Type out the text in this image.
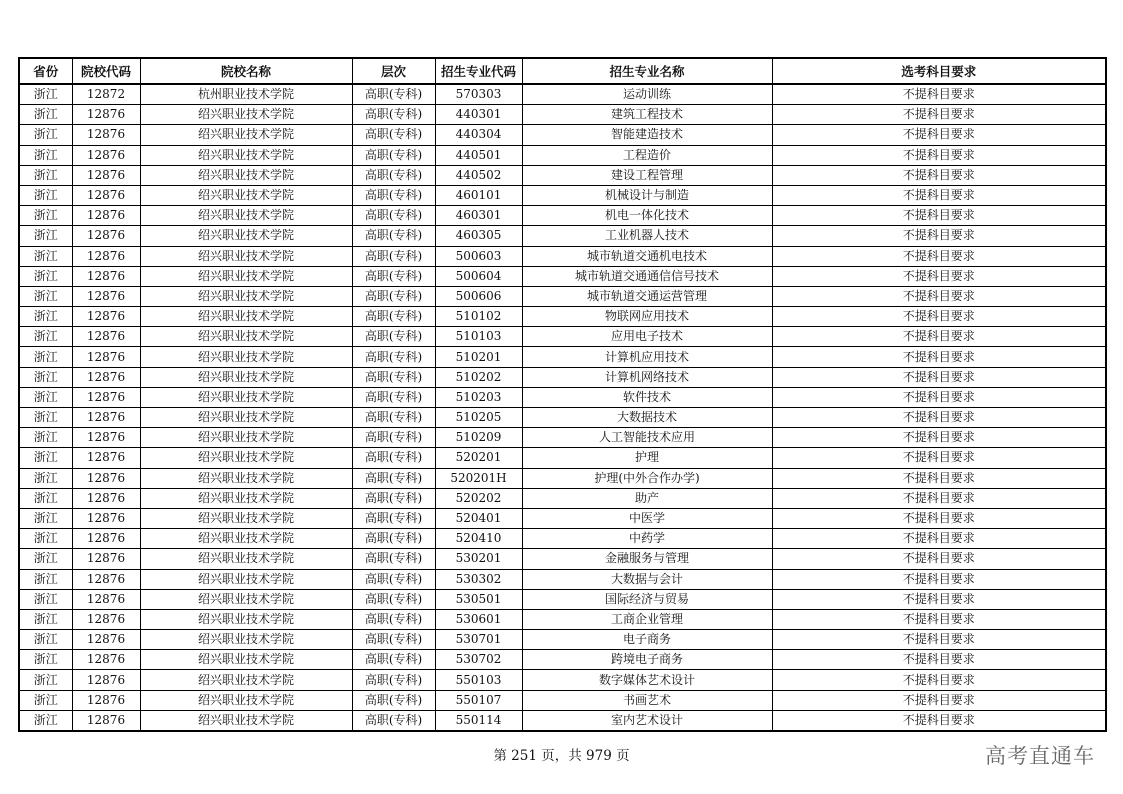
省份	院校代码	院校名称	层次	招生专业代码	招生专业名称	选考科目要求
浙江	12872	杭州职业技术学院	高职(专科)	570303	运动训练	不提科目要求
浙江	12876	绍兴职业技术学院	高职(专科)	440301	建筑工程技术	不提科目要求
浙江	12876	绍兴职业技术学院	高职(专科)	440304	智能建造技术	不提科目要求
浙江	12876	绍兴职业技术学院	高职(专科)	440501	工程造价	不提科目要求
浙江	12876	绍兴职业技术学院	高职(专科)	440502	建设工程管理	不提科目要求
浙江	12876	绍兴职业技术学院	高职(专科)	460101	机械设计与制造	不提科目要求
浙江	12876	绍兴职业技术学院	高职(专科)	460301	机电一体化技术	不提科目要求
浙江	12876	绍兴职业技术学院	高职(专科)	460305	工业机器人技术	不提科目要求
浙江	12876	绍兴职业技术学院	高职(专科)	500603	城市轨道交通机电技术	不提科目要求
浙江	12876	绍兴职业技术学院	高职(专科)	500604	城市轨道交通通信信号技术	不提科目要求
浙江	12876	绍兴职业技术学院	高职(专科)	500606	城市轨道交通运营管理	不提科目要求
浙江	12876	绍兴职业技术学院	高职(专科)	510102	物联网应用技术	不提科目要求
浙江	12876	绍兴职业技术学院	高职(专科)	510103	应用电子技术	不提科目要求
浙江	12876	绍兴职业技术学院	高职(专科)	510201	计算机应用技术	不提科目要求
浙江	12876	绍兴职业技术学院	高职(专科)	510202	计算机网络技术	不提科目要求
浙江	12876	绍兴职业技术学院	高职(专科)	510203	软件技术	不提科目要求
浙江	12876	绍兴职业技术学院	高职(专科)	510205	大数据技术	不提科目要求
浙江	12876	绍兴职业技术学院	高职(专科)	510209	人工智能技术应用	不提科目要求
浙江	12876	绍兴职业技术学院	高职(专科)	520201	护理	不提科目要求
浙江	12876	绍兴职业技术学院	高职(专科)	520201H	护理(中外合作办学)	不提科目要求
浙江	12876	绍兴职业技术学院	高职(专科)	520202	助产	不提科目要求
浙江	12876	绍兴职业技术学院	高职(专科)	520401	中医学	不提科目要求
浙江	12876	绍兴职业技术学院	高职(专科)	520410	中药学	不提科目要求
浙江	12876	绍兴职业技术学院	高职(专科)	530201	金融服务与管理	不提科目要求
浙江	12876	绍兴职业技术学院	高职(专科)	530302	大数据与会计	不提科目要求
浙江	12876	绍兴职业技术学院	高职(专科)	530501	国际经济与贸易	不提科目要求
浙江	12876	绍兴职业技术学院	高职(专科)	530601	工商企业管理	不提科目要求
浙江	12876	绍兴职业技术学院	高职(专科)	530701	电子商务	不提科目要求
浙江	12876	绍兴职业技术学院	高职(专科)	530702	跨境电子商务	不提科目要求
浙江	12876	绍兴职业技术学院	高职(专科)	550103	数字媒体艺术设计	不提科目要求
浙江	12876	绍兴职业技术学院	高职(专科)	550107	书画艺术	不提科目要求
浙江	12876	绍兴职业技术学院	高职(专科)	550114	室内艺术设计	不提科目要求
第 251 页，共 979 页	高考直通车
